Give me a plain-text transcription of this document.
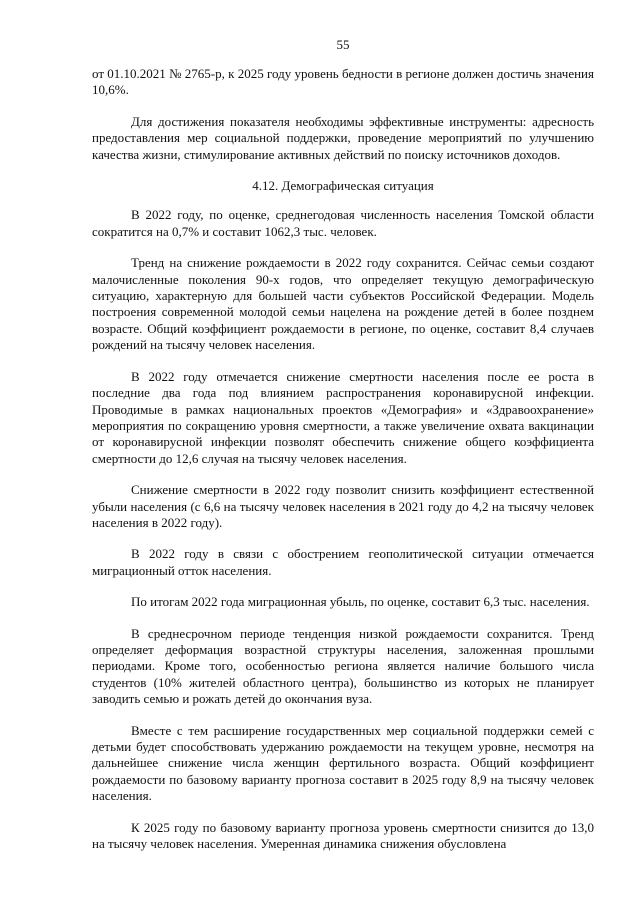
55

от 01.10.2021 № 2765-р, к 2025 году уровень бедности в регионе должен достичь значения 10,6%.

Для достижения показателя необходимы эффективные инструменты: адресность предоставления мер социальной поддержки, проведение мероприятий по улучшению качества жизни, стимулирование активных действий по поиску источников доходов.

4.12. Демографическая ситуация

В 2022 году, по оценке, среднегодовая численность населения Томской области сократится на 0,7% и составит 1062,3 тыс. человек.

Тренд на снижение рождаемости в 2022 году сохранится. Сейчас семьи создают малочисленные поколения 90-х годов, что определяет текущую демографическую ситуацию, характерную для большей части субъектов Российской Федерации. Модель построения современной молодой семьи нацелена на рождение детей в более позднем возрасте. Общий коэффициент рождаемости в регионе, по оценке, составит 8,4 случаев рождений на тысячу человек населения.

В 2022 году отмечается снижение смертности населения после ее роста в последние два года под влиянием распространения коронавирусной инфекции. Проводимые в рамках национальных проектов «Демография» и «Здравоохранение» мероприятия по сокращению уровня смертности, а также увеличение охвата вакцинации от коронавирусной инфекции позволят обеспечить снижение общего коэффициента смертности до 12,6 случая на тысячу человек населения.

Снижение смертности в 2022 году позволит снизить коэффициент естественной убыли населения (с 6,6 на тысячу человек населения в 2021 году до 4,2 на тысячу человек населения в 2022 году).

В 2022 году в связи с обострением геополитической ситуации отмечается миграционный отток населения.

По итогам 2022 года миграционная убыль, по оценке, составит 6,3 тыс. населения.

В среднесрочном периоде тенденция низкой рождаемости сохранится. Тренд определяет деформация возрастной структуры населения, заложенная прошлыми периодами. Кроме того, особенностью региона является наличие большого числа студентов (10% жителей областного центра), большинство из которых не планирует заводить семью и рожать детей до окончания вуза.

Вместе с тем расширение государственных мер социальной поддержки семей с детьми будет способствовать удержанию рождаемости на текущем уровне, несмотря на дальнейшее снижение числа женщин фертильного возраста. Общий коэффициент рождаемости по базовому варианту прогноза составит в 2025 году 8,9 на тысячу человек населения.

К 2025 году по базовому варианту прогноза уровень смертности снизится до 13,0 на тысячу человек населения. Умеренная динамика снижения обусловлена
